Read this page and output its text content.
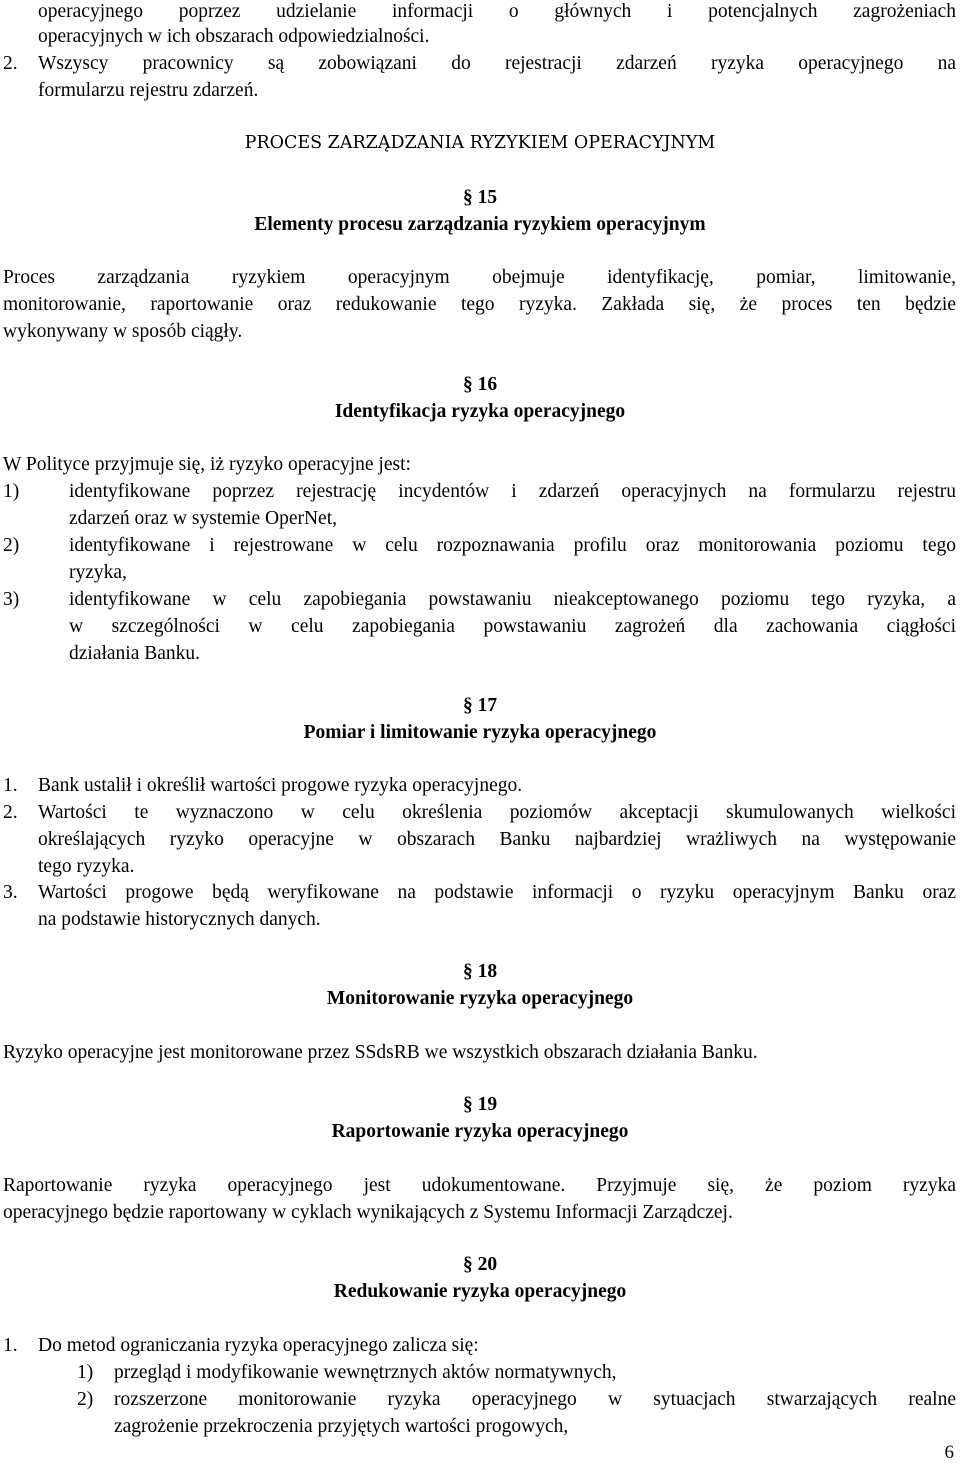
operacyjnego poprzez udzielanie informacji o głównych i potencjalnych zagrożeniach
operacyjnych w ich obszarach odpowiedzialności.
2. Wszyscy pracownicy są zobowiązani do rejestracji zdarzeń ryzyka operacyjnego na
formularzu rejestru zdarzeń.
PROCES ZARZĄDZANIA RYZYKIEM OPERACYJNYM
§ 15
Elementy procesu zarządzania ryzykiem operacyjnym
Proces zarządzania ryzykiem operacyjnym obejmuje identyfikację, pomiar, limitowanie,
monitorowanie, raportowanie oraz redukowanie tego ryzyka. Zakłada się, że proces ten będzie
wykonywany w sposób ciągły.
§ 16
Identyfikacja ryzyka operacyjnego
W Polityce przyjmuje się, iż ryzyko operacyjne jest:
1)	identyfikowane poprzez rejestrację incydentów i zdarzeń operacyjnych na formularzu rejestru
zdarzeń oraz w systemie OperNet,
2)	identyfikowane i rejestrowane w celu rozpoznawania profilu oraz monitorowania poziomu tego
ryzyka,
3)	identyfikowane w celu zapobiegania powstawaniu nieakceptowanego poziomu tego ryzyka, a
w szczególności w celu zapobiegania powstawaniu zagrożeń dla zachowania ciągłości
działania Banku.
§ 17
Pomiar i limitowanie ryzyka operacyjnego
1. Bank ustalił i określił wartości progowe ryzyka operacyjnego.
2. Wartości te wyznaczono w celu określenia poziomów akceptacji skumulowanych wielkości
określających ryzyko operacyjne w obszarach Banku najbardziej wrażliwych na występowanie
tego ryzyka.
3. Wartości progowe będą weryfikowane na podstawie informacji o ryzyku operacyjnym Banku oraz
na podstawie historycznych danych.
§ 18
Monitorowanie ryzyka operacyjnego
Ryzyko operacyjne jest monitorowane przez SSdsRB we wszystkich obszarach działania Banku.
§ 19
Raportowanie ryzyka operacyjnego
Raportowanie ryzyka operacyjnego jest udokumentowane. Przyjmuje się, że poziom ryzyka
operacyjnego będzie raportowany w cyklach wynikających z Systemu Informacji Zarządczej.
§ 20
Redukowanie ryzyka operacyjnego
1. Do metod ograniczania ryzyka operacyjnego zalicza się:
1) przegląd i modyfikowanie wewnętrznych aktów normatywnych,
2) rozszerzone monitorowanie ryzyka operacyjnego w sytuacjach stwarzających realne
zagrożenie przekroczenia przyjętych wartości progowych,
6
